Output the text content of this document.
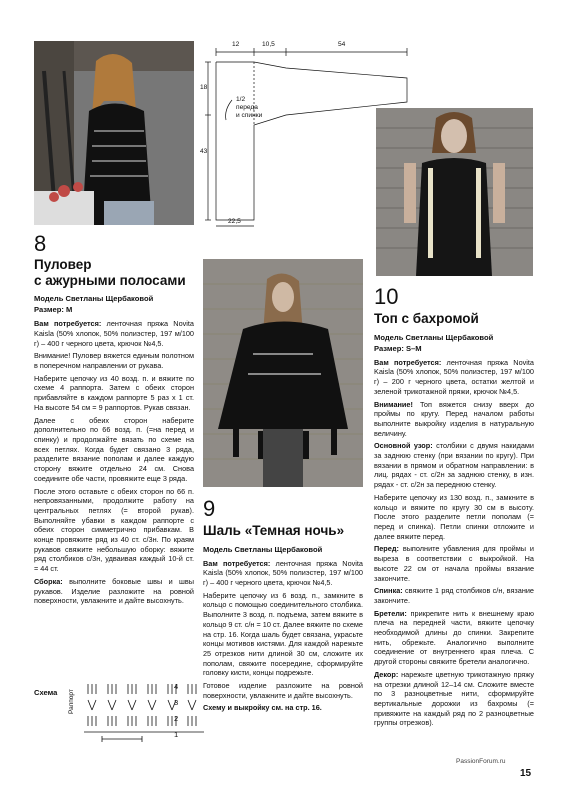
12	10,5	54
18
43
1/2
переда
и спинки
22,5
8
Пуловер
с ажурными полосами
Модель Светланы Щербаковой
Размер: M

Вам потребуется: ленточная пряжа Novita Kaisla (50% хлопок, 50% полиэстер, 197 м/100 г) – 400 г черного цвета, крючок №4,5.

Внимание! Пуловер вяжется единым полотном в поперечном направлении от рукава.

Наберите цепочку из 40 возд. п. и вяжите по схеме 4 раппорта. Затем с обеих сторон прибавляйте в каждом раппорте 5 раз х 1 ст. На высоте 54 см = 9 раппортов. Рукав связан.

Далее с обеих сторон наберите дополнительно по 66 возд. п. (=на перед и спинку) и продолжайте вязать по схеме на всех петлях. Когда будет связано 3 ряда, разделите вязание пополам и далее каждую сторону вяжите отдельно 24 см. Снова соедините обе части, провяжите еще 3 ряда.

После этого оставьте с обеих сторон по 66 п. непровязанными, продолжите работу на центральных петлях (= второй рукав). Выполняйте убавки в каждом раппорте с обеих сторон симметрично прибавкам. В конце провяжите ряд из 40 ст. с/3н. По краям рукавов свяжите небольшую оборку: вяжите ряд столбиков с/3н, удваивая каждый 10-й ст. = 44 ст.

Сборка: выполните боковые швы и швы рукавов. Изделие разложите на ровной поверхности, увлажните и дайте высохнуть.

Схема
4
3
2
1
Раппорт
9
Шаль «Темная ночь»
Модель Светланы Щербаковой

Вам потребуется: ленточная пряжа Novita Kaisla (50% хлопок, 50% полиэстер, 197 м/100 г) – 400 г черного цвета, крючок №4,5.

Наберите цепочку из 6 возд. п., замкните в кольцо с помощью соединительного столбика. Выполните 3 возд. п. подъема, затем вяжите в кольцо 9 ст. с/н = 10 ст. Далее вяжите по схеме на стр. 16. Когда шаль будет связана, украсьте концы мотивов кистями. Для каждой нарежьте 25 отрезков нити длиной 30 см, сложите их пополам, свяжите посередине, сформируйте головку кисти, концы подрежьте.

Готовое изделие разложите на ровной поверхности, увлажните и дайте высохнуть.

Схему и выкройку см. на стр. 16.

10
Топ с бахромой
Модель Светланы Щербаковой
Размер: S–M

Вам потребуется: ленточная пряжа Novita Kaisla (50% хлопок, 50% полиэстер, 197 м/100 г) – 200 г черного цвета, остатки желтой и зеленой трикотажной пряжи, крючок №4,5.

Внимание! Топ вяжется снизу вверх до проймы по кругу. Перед началом работы выполните выкройку изделия в натуральную величину.

Основной узор: столбики с двумя накидами за заднюю стенку (при вязании по кругу). При вязании в прямом и обратном направлении: в лиц. рядах - ст. с/2н за заднюю стенку, в изн. рядах - ст. с/2н за переднюю стенку.

Наберите цепочку из 130 возд. п., замкните в кольцо и вяжите по кругу 30 см в высоту. После этого разделите петли пополам (= перед и спинка). Петли спинки отложите и далее вяжите перед.

Перед: выполните убавления для проймы и выреза в соответствии с выкройкой. На высоте 22 см от начала проймы вязание закончите.

Спинка: свяжите 1 ряд столбиков с/н, вязание закончите.

Бретели: прикрепите нить к внешнему краю плеча на передней части, вяжите цепочку необходимой длины до спинки. Закрепите нить, обрежьте. Аналогично выполните соединение от внутреннего края плеча. С другой стороны свяжите бретели аналогично.

Декор: нарежьте цветную трикотажную пряжу на отрезки длиной 12–14 см. Сложите вместе по 3 разноцветные нити, сформируйте вертикальные дорожки из бахромы (= привяжите на каждый ряд по 2 разноцветные группы отрезков).

PassionForum.ru
15
